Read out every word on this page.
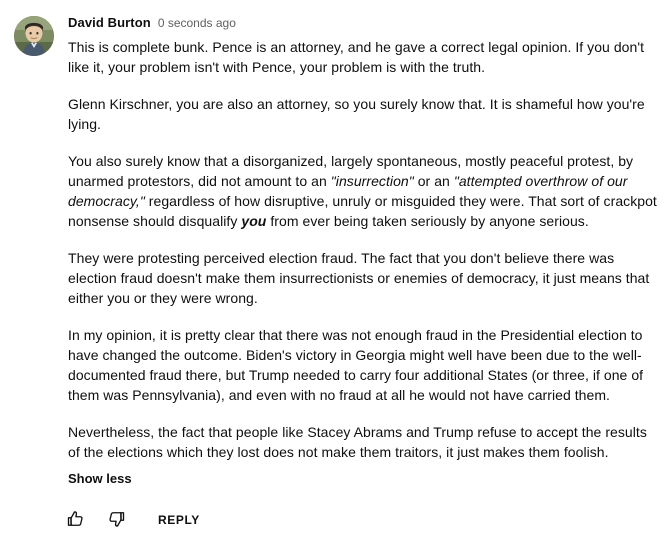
David Burton 0 seconds ago

This is complete bunk. Pence is an attorney, and he gave a correct legal opinion. If you don't like it, your problem isn't with Pence, your problem is with the truth.

Glenn Kirschner, you are also an attorney, so you surely know that. It is shameful how you're lying.

You also surely know that a disorganized, largely spontaneous, mostly peaceful protest, by unarmed protestors, did not amount to an "insurrection" or an "attempted overthrow of our democracy," regardless of how disruptive, unruly or misguided they were. That sort of crackpot nonsense should disqualify you from ever being taken seriously by anyone serious.

They were protesting perceived election fraud. The fact that you don't believe there was election fraud doesn't make them insurrectionists or enemies of democracy, it just means that either you or they were wrong.

In my opinion, it is pretty clear that there was not enough fraud in the Presidential election to have changed the outcome. Biden's victory in Georgia might well have been due to the well-documented fraud there, but Trump needed to carry four additional States (or three, if one of them was Pennsylvania), and even with no fraud at all he would not have carried them.

Nevertheless, the fact that people like Stacey Abrams and Trump refuse to accept the results of the elections which they lost does not make them traitors, it just makes them foolish.

Show less
REPLY
